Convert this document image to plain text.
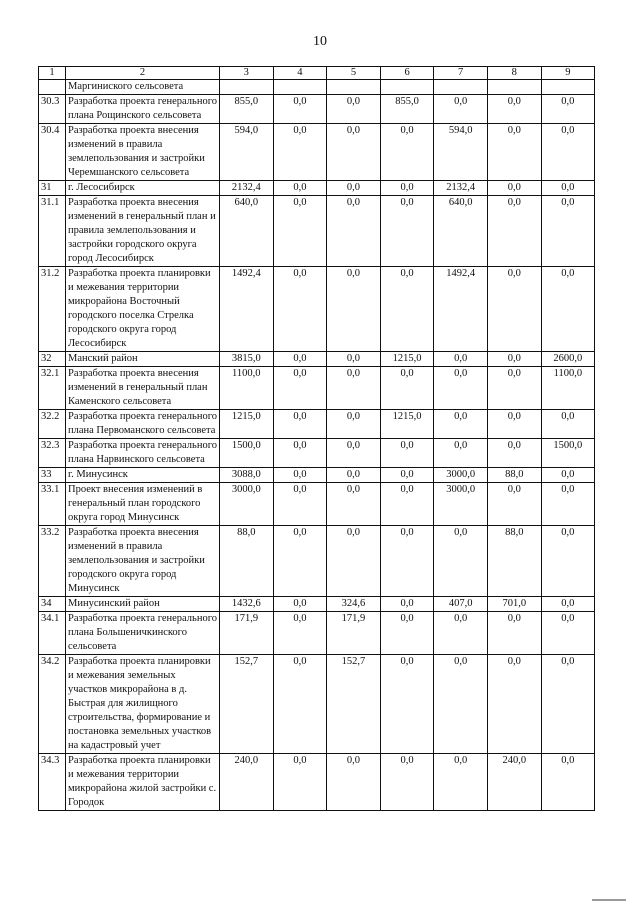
10
1	2	3	4	5	6	7	8	9
	Маргиниского сельсовета							
30.3	Разработка проекта генерального плана Рощинского сельсовета	855,0	0,0	0,0	855,0	0,0	0,0	0,0
30.4	Разработка проекта внесения изменений в правила землепользования и застройки Черемшанского сельсовета	594,0	0,0	0,0	0,0	594,0	0,0	0,0
31	г. Лесосибирск	2132,4	0,0	0,0	0,0	2132,4	0,0	0,0
31.1	Разработка проекта внесения изменений в генеральный план и правила землепользования и застройки городского округа город Лесосибирск	640,0	0,0	0,0	0,0	640,0	0,0	0,0
31.2	Разработка проекта планировки и межевания территории микрорайона Восточный городского поселка Стрелка городского округа город Лесосибирск	1492,4	0,0	0,0	0,0	1492,4	0,0	0,0
32	Манский район	3815,0	0,0	0,0	1215,0	0,0	0,0	2600,0
32.1	Разработка проекта внесения изменений в генеральный план Каменского сельсовета	1100,0	0,0	0,0	0,0	0,0	0,0	1100,0
32.2	Разработка проекта генерального плана Первоманского сельсовета	1215,0	0,0	0,0	1215,0	0,0	0,0	0,0
32.3	Разработка проекта генерального плана Нарвинского сельсовета	1500,0	0,0	0,0	0,0	0,0	0,0	1500,0
33	г. Минусинск	3088,0	0,0	0,0	0,0	3000,0	88,0	0,0
33.1	Проект внесения изменений в генеральный план городского округа город Минусинск	3000,0	0,0	0,0	0,0	3000,0	0,0	0,0
33.2	Разработка проекта внесения изменений в правила землепользования и застройки городского округа город Минусинск	88,0	0,0	0,0	0,0	0,0	88,0	0,0
34	Минусинский район	1432,6	0,0	324,6	0,0	407,0	701,0	0,0
34.1	Разработка проекта генерального плана Большеничкинского сельсовета	171,9	0,0	171,9	0,0	0,0	0,0	0,0
34.2	Разработка проекта планировки и межевания земельных участков микрорайона в д. Быстрая для жилищного строительства, формирование и постановка земельных участков на кадастровый учет	152,7	0,0	152,7	0,0	0,0	0,0	0,0
34.3	Разработка проекта планировки и межевания территории микрорайона жилой застройки с. Городок	240,0	0,0	0,0	0,0	0,0	240,0	0,0
